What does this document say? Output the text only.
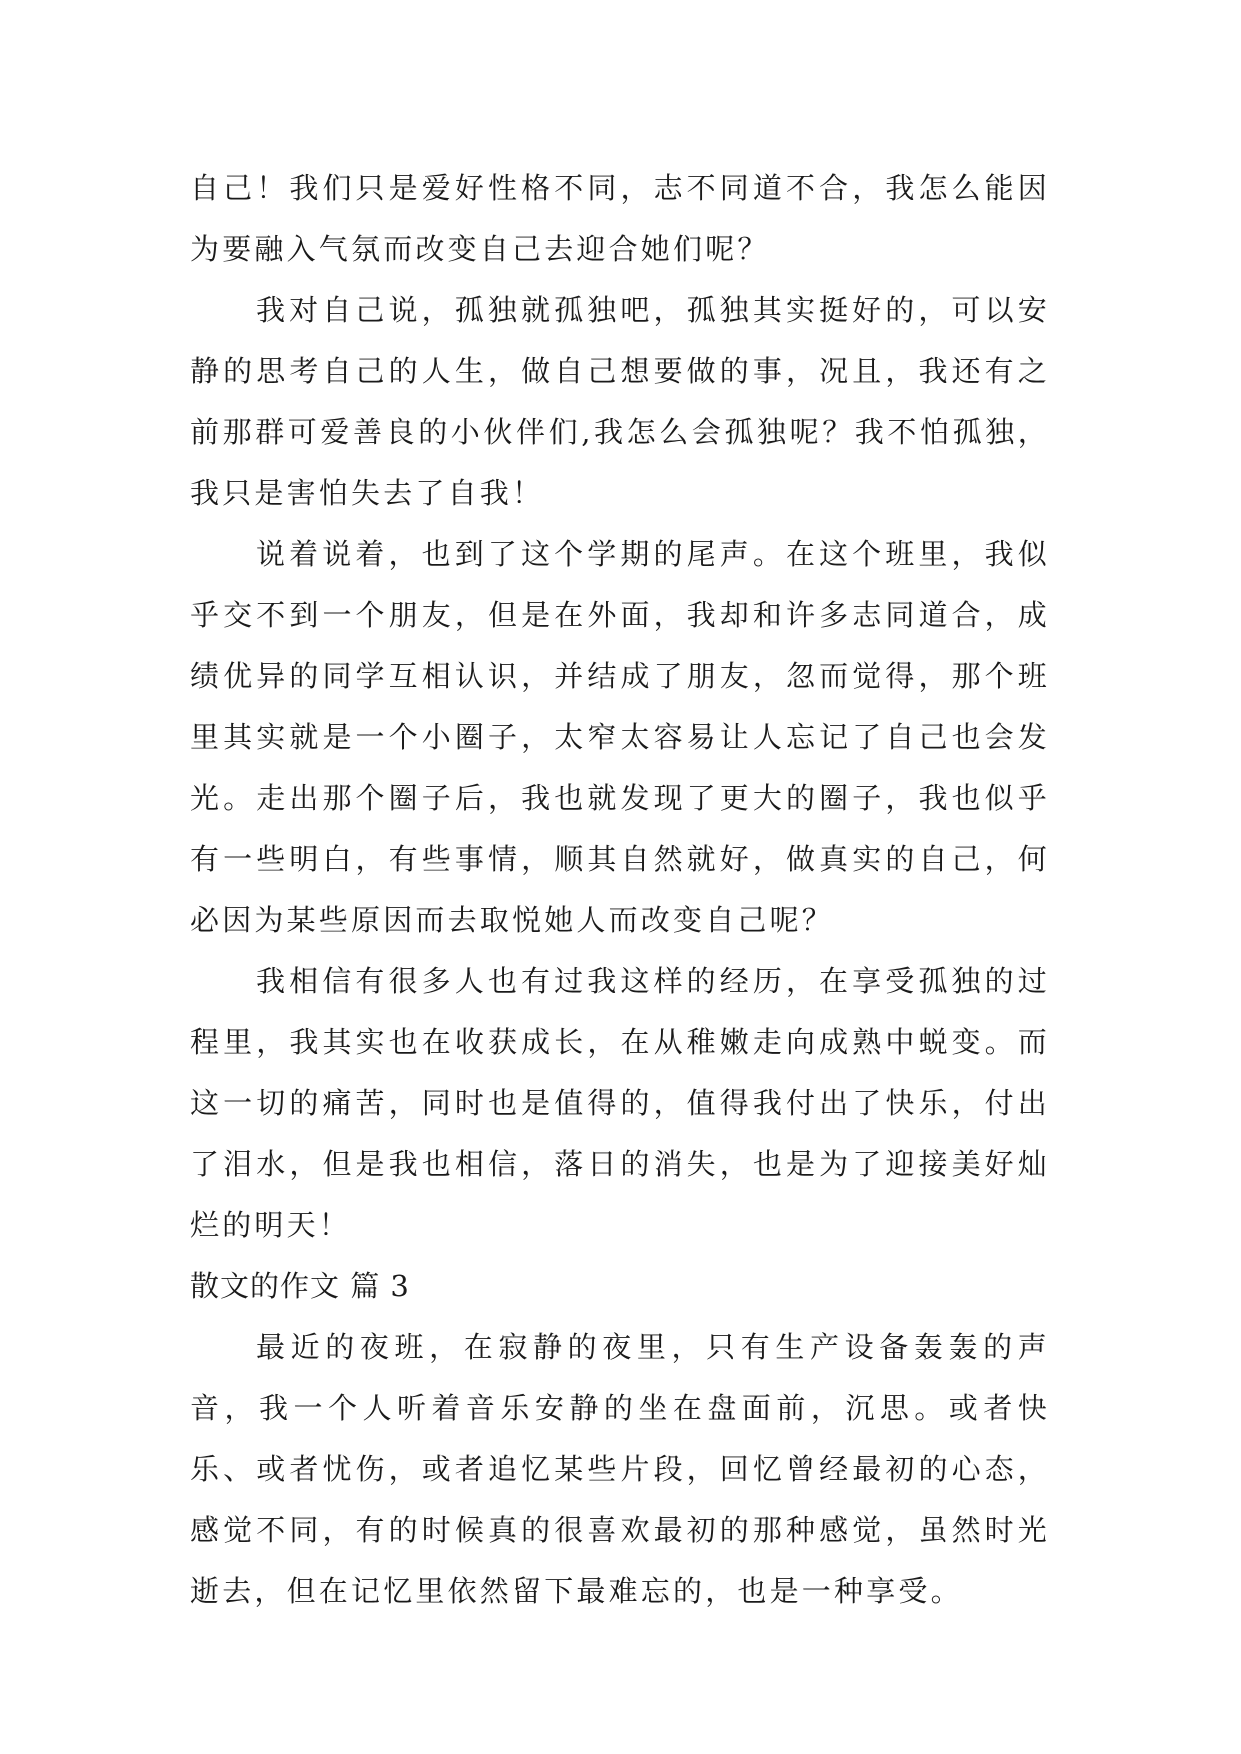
自己！我们只是爱好性格不同，志不同道不合，我怎么能因为要融入气氛而改变自己去迎合她们呢？

我对自己说，孤独就孤独吧，孤独其实挺好的，可以安静的思考自己的人生，做自己想要做的事，况且，我还有之前那群可爱善良的小伙伴们,我怎么会孤独呢？我不怕孤独，我只是害怕失去了自我！

说着说着，也到了这个学期的尾声。在这个班里，我似乎交不到一个朋友，但是在外面，我却和许多志同道合，成绩优异的同学互相认识，并结成了朋友，忽而觉得，那个班里其实就是一个小圈子，太窄太容易让人忘记了自己也会发光。走出那个圈子后，我也就发现了更大的圈子，我也似乎有一些明白，有些事情，顺其自然就好，做真实的自己，何必因为某些原因而去取悦她人而改变自己呢？

我相信有很多人也有过我这样的经历，在享受孤独的过程里，我其实也在收获成长，在从稚嫩走向成熟中蜕变。而这一切的痛苦，同时也是值得的，值得我付出了快乐，付出了泪水，但是我也相信，落日的消失，也是为了迎接美好灿烂的明天！

散文的作文 篇 3

最近的夜班，在寂静的夜里，只有生产设备轰轰的声音，我一个人听着音乐安静的坐在盘面前，沉思。或者快乐、或者忧伤，或者追忆某些片段，回忆曾经最初的心态，感觉不同，有的时候真的很喜欢最初的那种感觉，虽然时光逝去，但在记忆里依然留下最难忘的，也是一种享受。
